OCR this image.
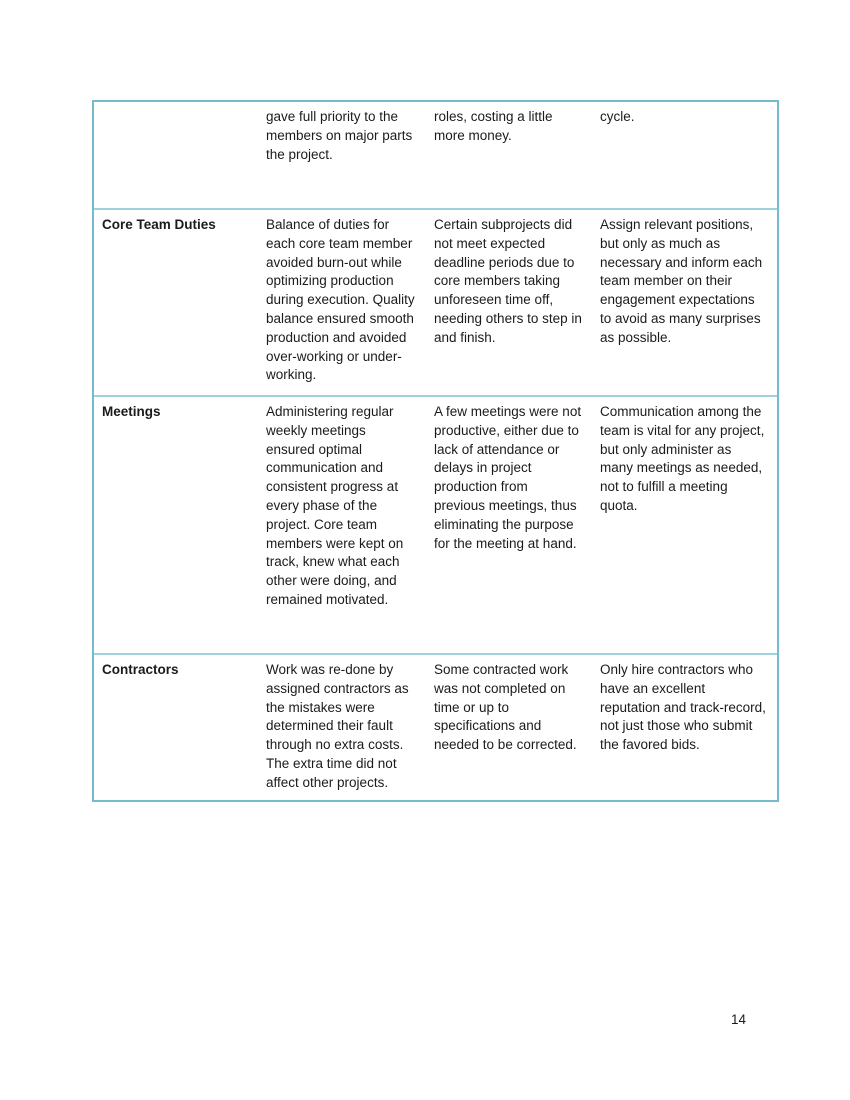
gave full priority to the members on major parts the project.
roles, costing a little more money.
cycle.
Core Team Duties	Balance of duties for each core team member avoided burn-out while optimizing production during execution. Quality balance ensured smooth production and avoided over-working or under-working.
Certain subprojects did not meet expected deadline periods due to core members taking unforeseen time off, needing others to step in and finish.
Assign relevant positions, but only as much as necessary and inform each team member on their engagement expectations to avoid as many surprises as possible.
Meetings	Administering regular weekly meetings ensured optimal communication and consistent progress at every phase of the project. Core team members were kept on track, knew what each other were doing, and remained motivated.
A few meetings were not productive, either due to lack of attendance or delays in project production from previous meetings, thus eliminating the purpose for the meeting at hand.
Communication among the team is vital for any project, but only administer as many meetings as needed, not to fulfill a meeting quota.
Contractors	Work was re-done by assigned contractors as the mistakes were determined their fault through no extra costs. The extra time did not affect other projects.
Some contracted work was not completed on time or up to specifications and needed to be corrected.
Only hire contractors who have an excellent reputation and track-record, not just those who submit the favored bids.
14
